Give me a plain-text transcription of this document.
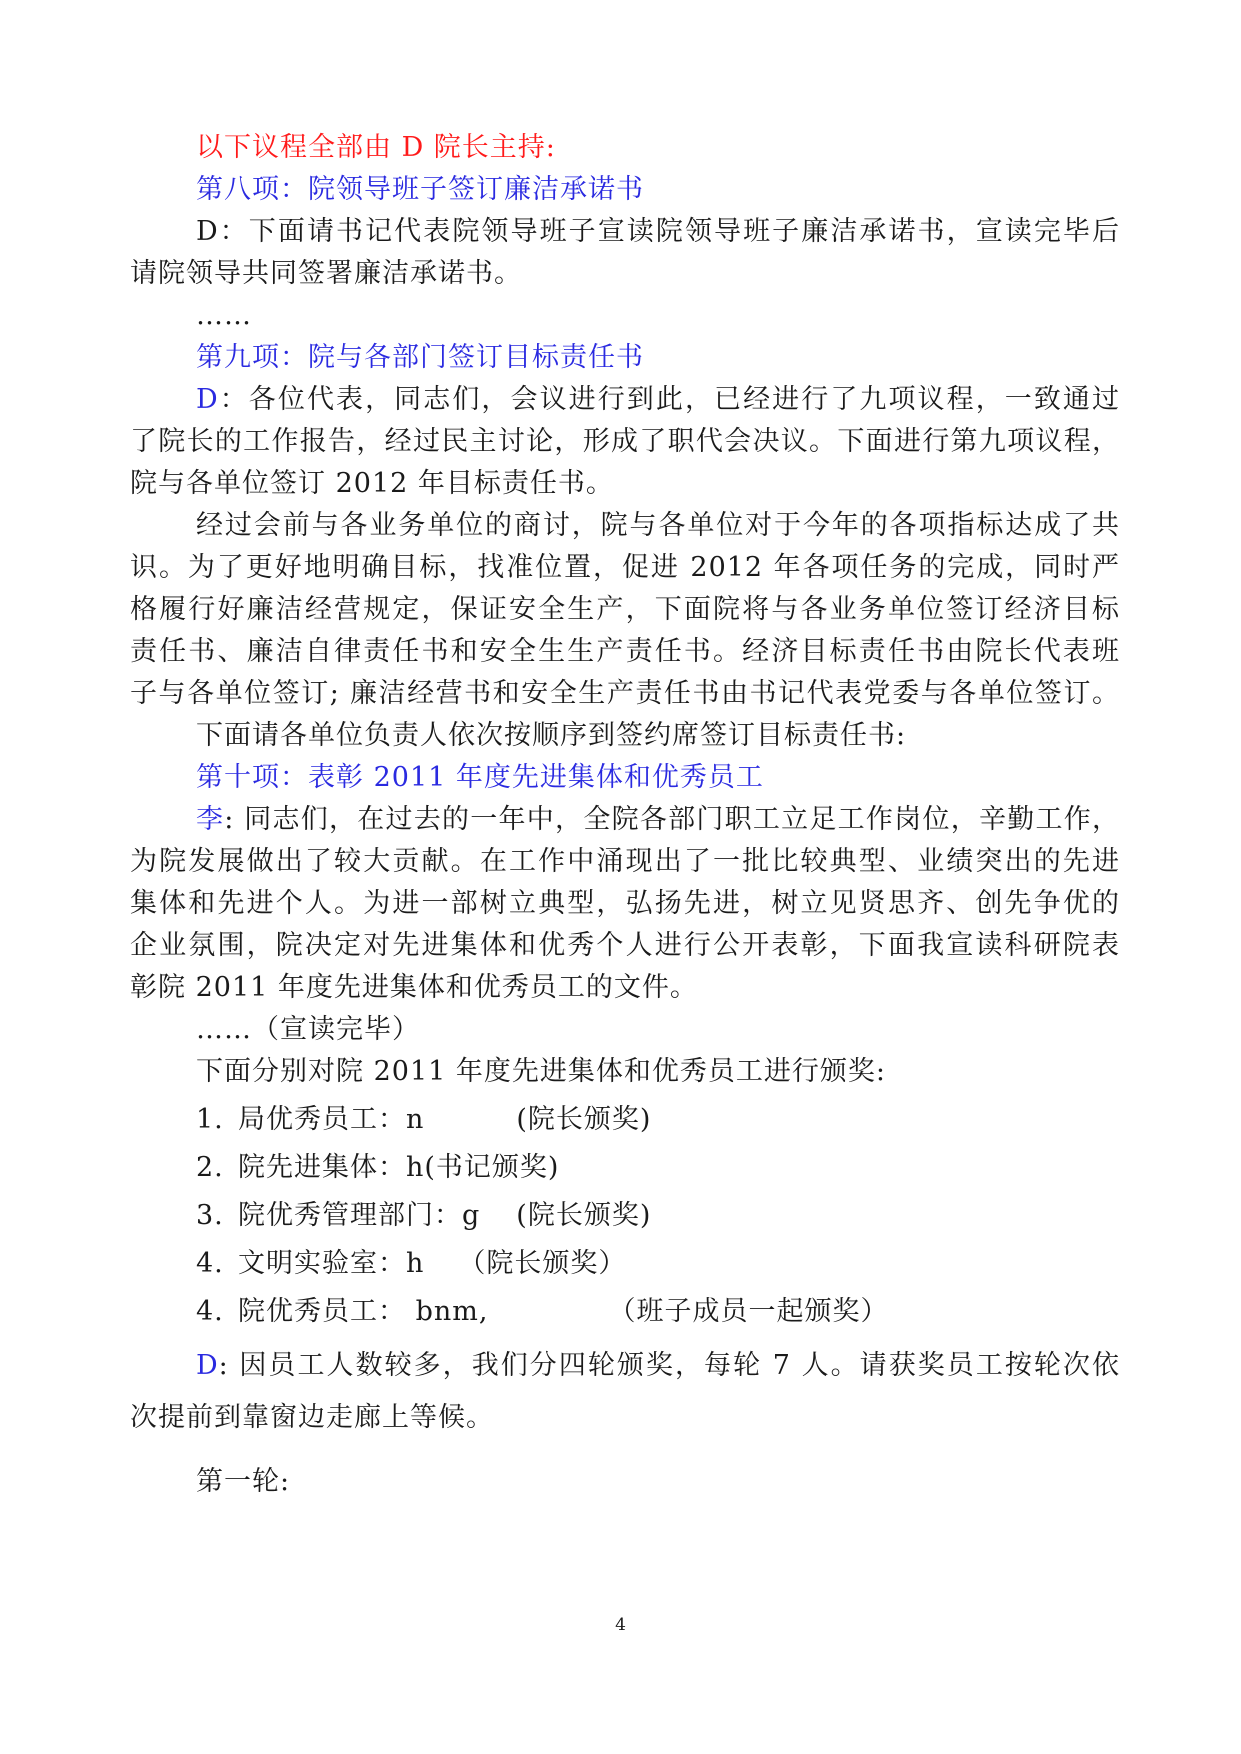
以下议程全部由 D 院长主持:
第八项：院领导班子签订廉洁承诺书
D：下面请书记代表院领导班子宣读院领导班子廉洁承诺书，宣读完毕后
请院领导共同签署廉洁承诺书。
……
第九项：院与各部门签订目标责任书
D：各位代表，同志们，会议进行到此，已经进行了九项议程，一致通过
了院长的工作报告，经过民主讨论，形成了职代会决议。下面进行第九项议程，
院与各单位签订 2012 年目标责任书。
经过会前与各业务单位的商讨，院与各单位对于今年的各项指标达成了共
识。为了更好地明确目标，找准位置，促进 2012 年各项任务的完成，同时严
格履行好廉洁经营规定，保证安全生产，下面院将与各业务单位签订经济目标
责任书、廉洁自律责任书和安全生生产责任书。经济目标责任书由院长代表班
子与各单位签订; 廉洁经营书和安全生产责任书由书记代表党委与各单位签订。
下面请各单位负责人依次按顺序到签约席签订目标责任书:
第十项：表彰 2011 年度先进集体和优秀员工
李: 同志们，在过去的一年中，全院各部门职工立足工作岗位，辛勤工作，
为院发展做出了较大贡献。在工作中涌现出了一批比较典型、业绩突出的先进
集体和先进个人。为进一部树立典型，弘扬先进，树立见贤思齐、创先争优的
企业氛围，院决定对先进集体和优秀个人进行公开表彰，下面我宣读科研院表
彰院 2011 年度先进集体和优秀员工的文件。
……（宣读完毕）
下面分别对院 2011 年度先进集体和优秀员工进行颁奖:
1. 局优秀员工：n	(院长颁奖)
2. 院先进集体：h(书记颁奖)
3. 院优秀管理部门：g (院长颁奖)
4. 文明实验室：h （院长颁奖）
4. 院优秀员工： bnm,	（班子成员一起颁奖）
D: 因员工人数较多，我们分四轮颁奖，每轮 7 人。请获奖员工按轮次依
次提前到靠窗边走廊上等候。
第一轮:
4
